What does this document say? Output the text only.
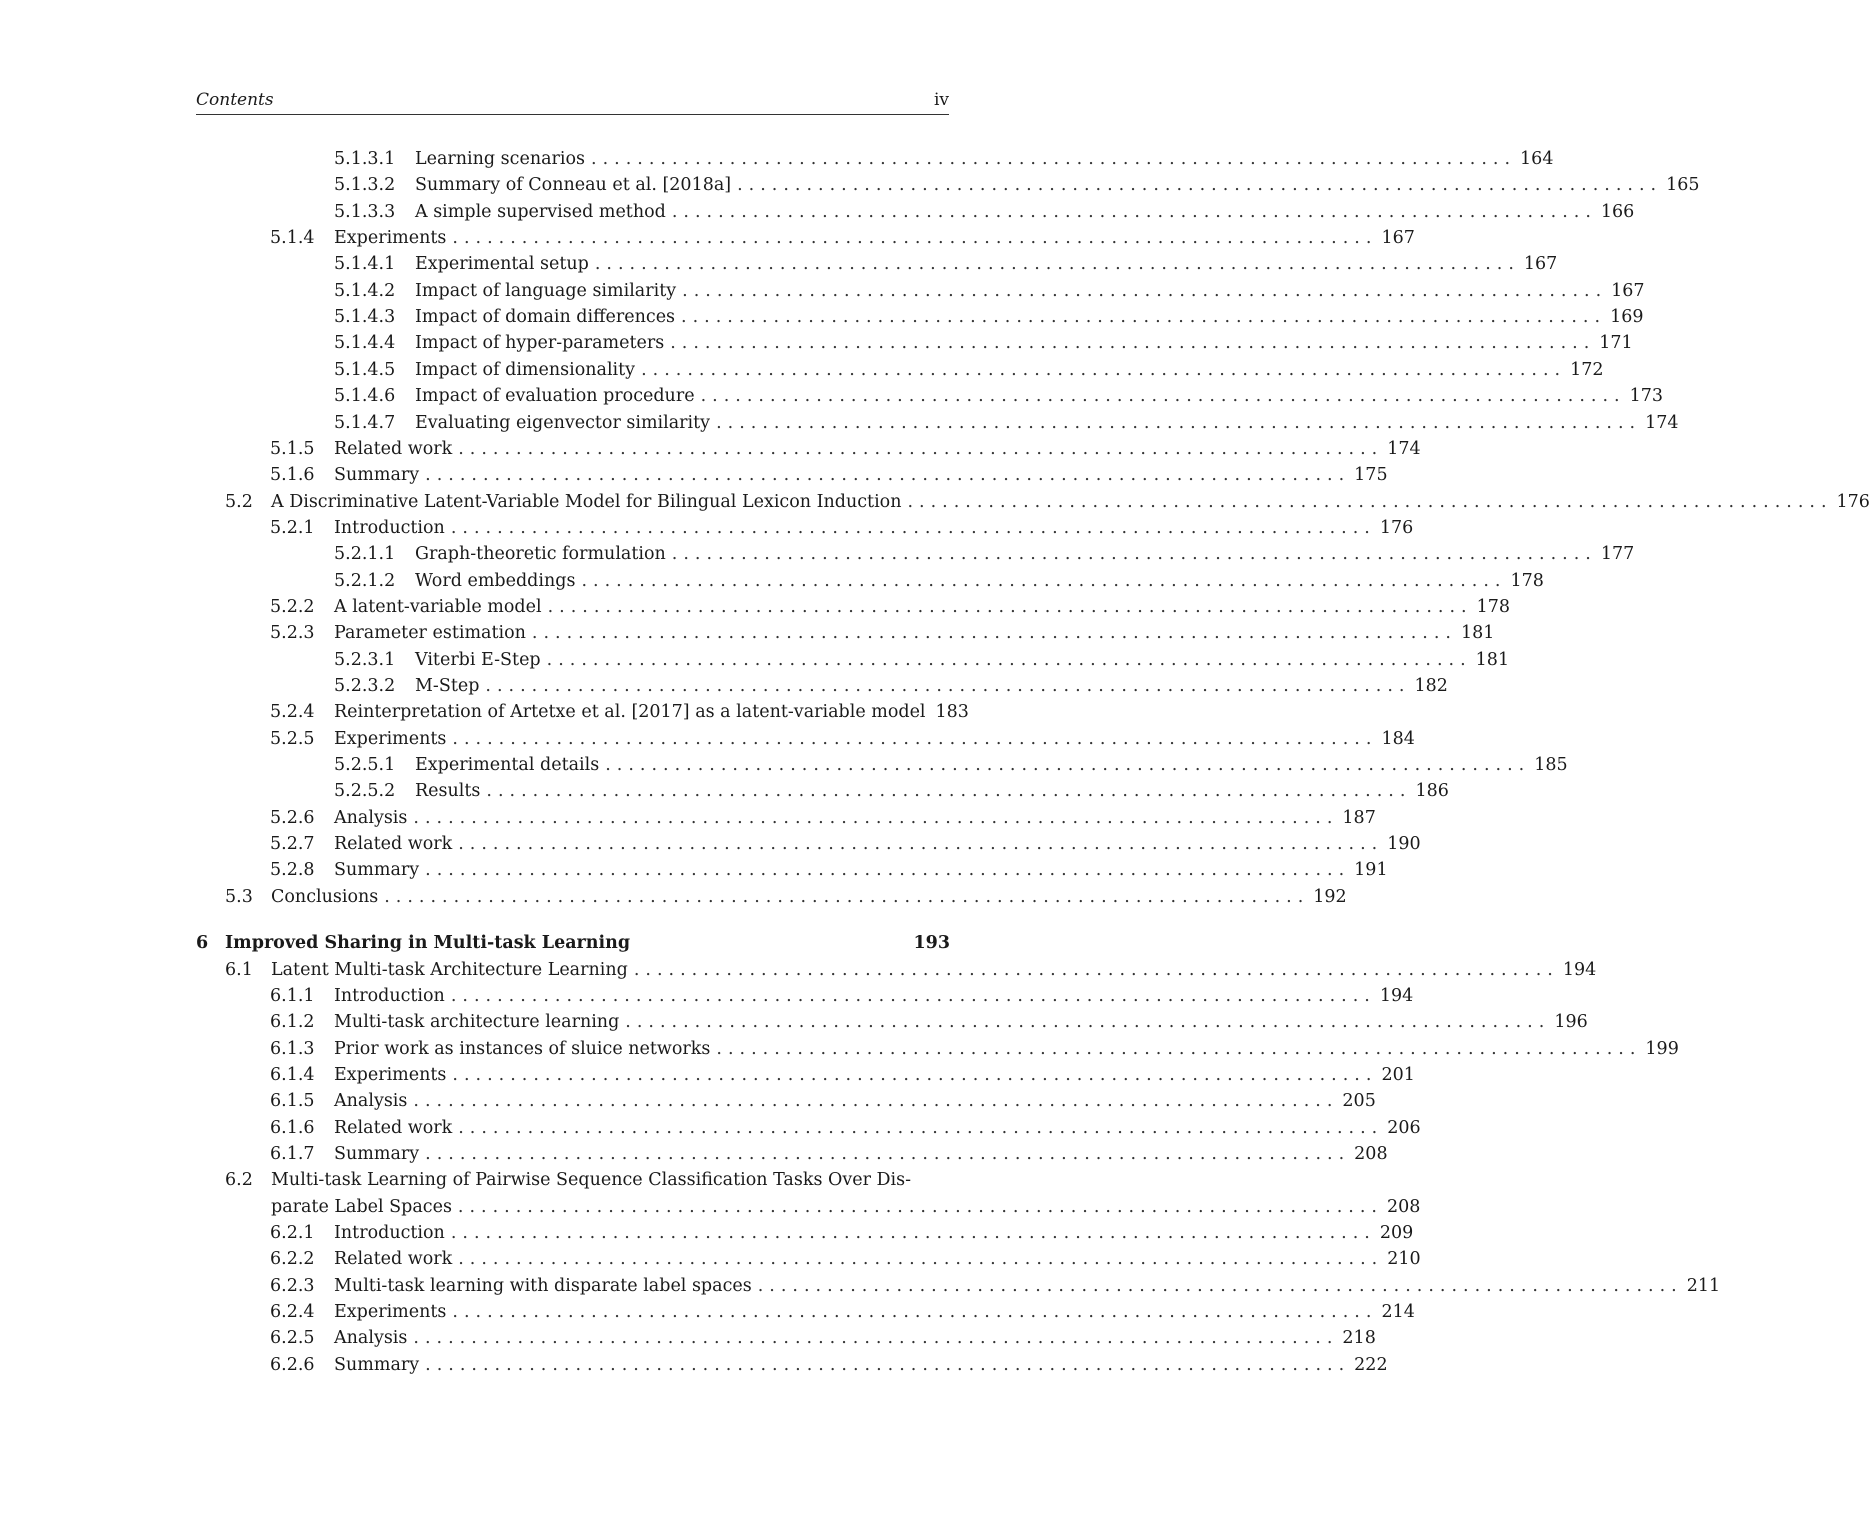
Contents	iv
5.1.3.1 Learning scenarios ................................................................................ 164
5.1.3.2 Summary of Conneau et al. [2018a] ................................................................................ 165
5.1.3.3 A simple supervised method ................................................................................ 166
5.1.4 Experiments ................................................................................ 167
5.1.4.1 Experimental setup ................................................................................ 167
5.1.4.2 Impact of language similarity ................................................................................ 167
5.1.4.3 Impact of domain differences ................................................................................ 169
5.1.4.4 Impact of hyper-parameters ................................................................................ 171
5.1.4.5 Impact of dimensionality ................................................................................ 172
5.1.4.6 Impact of evaluation procedure ................................................................................ 173
5.1.4.7 Evaluating eigenvector similarity ................................................................................ 174
5.1.5 Related work ................................................................................ 174
5.1.6 Summary ................................................................................ 175
5.2 A Discriminative Latent-Variable Model for Bilingual Lexicon Induction ................................................................................ 176
5.2.1 Introduction ................................................................................ 176
5.2.1.1 Graph-theoretic formulation ................................................................................ 177
5.2.1.2 Word embeddings ................................................................................ 178
5.2.2 A latent-variable model ................................................................................ 178
5.2.3 Parameter estimation ................................................................................ 181
5.2.3.1 Viterbi E-Step ................................................................................ 181
5.2.3.2 M-Step ................................................................................ 182
5.2.4 Reinterpretation of Artetxe et al. [2017] as a latent-variable model 183
5.2.5 Experiments ................................................................................ 184
5.2.5.1 Experimental details ................................................................................ 185
5.2.5.2 Results ................................................................................ 186
5.2.6 Analysis ................................................................................ 187
5.2.7 Related work ................................................................................ 190
5.2.8 Summary ................................................................................ 191
5.3 Conclusions ................................................................................ 192
6 Improved Sharing in Multi-task Learning	193
6.1 Latent Multi-task Architecture Learning ................................................................................ 194
6.1.1 Introduction ................................................................................ 194
6.1.2 Multi-task architecture learning ................................................................................ 196
6.1.3 Prior work as instances of sluice networks ................................................................................ 199
6.1.4 Experiments ................................................................................ 201
6.1.5 Analysis ................................................................................ 205
6.1.6 Related work ................................................................................ 206
6.1.7 Summary ................................................................................ 208
6.2 Multi-task Learning of Pairwise Sequence Classification Tasks Over Dis-
parate Label Spaces ................................................................................ 208
6.2.1 Introduction ................................................................................ 209
6.2.2 Related work ................................................................................ 210
6.2.3 Multi-task learning with disparate label spaces ................................................................................ 211
6.2.4 Experiments ................................................................................ 214
6.2.5 Analysis ................................................................................ 218
6.2.6 Summary ................................................................................ 222
